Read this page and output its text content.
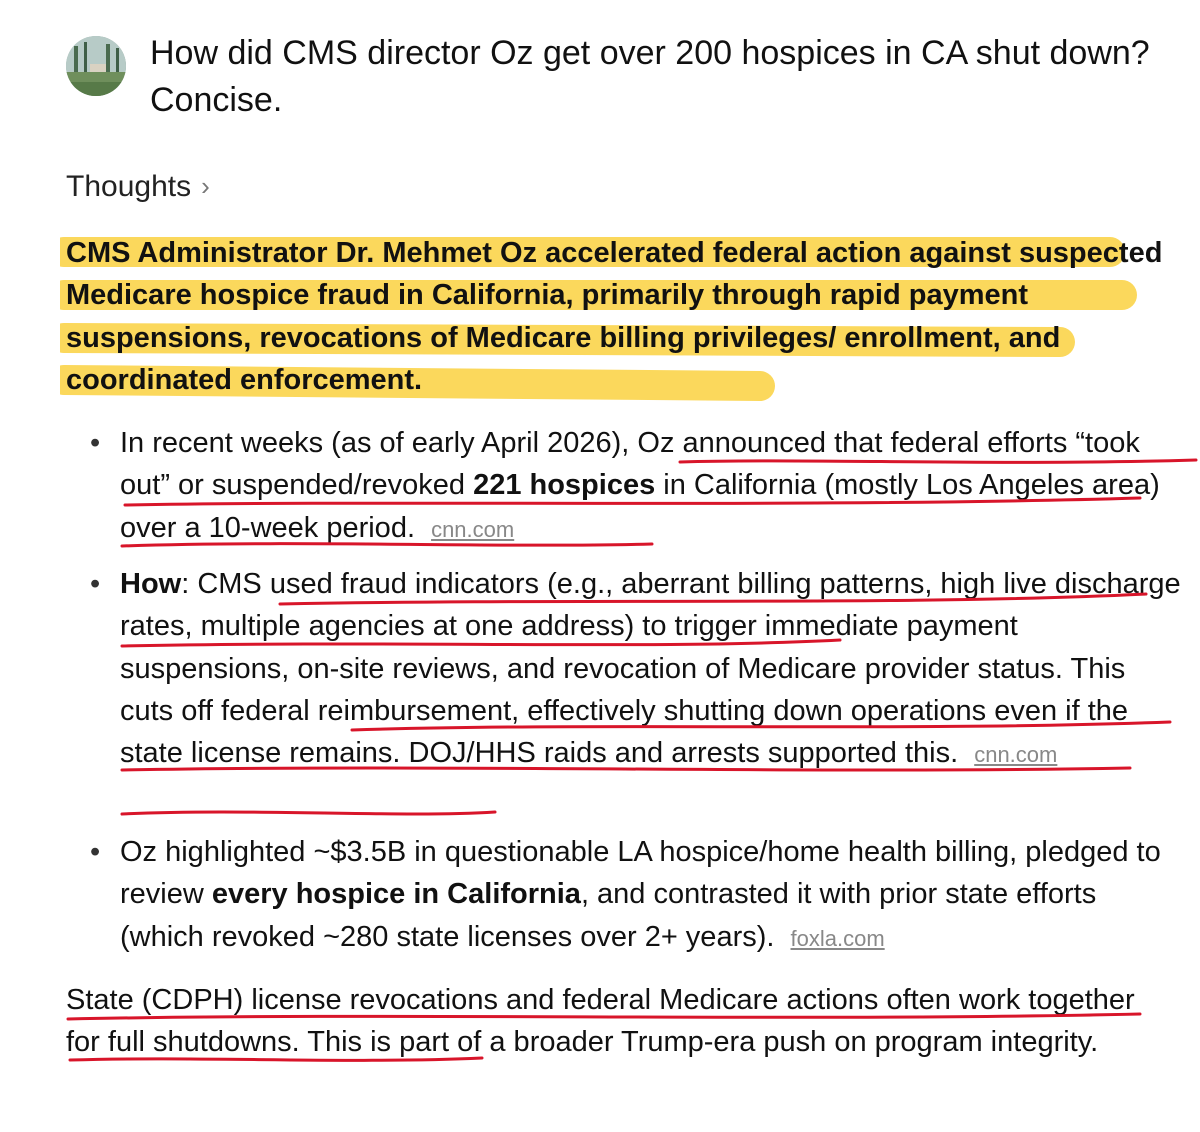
How did CMS director Oz get over 200 hospices in CA shut down? Concise.
Thoughts ›

CMS Administrator Dr. Mehmet Oz accelerated federal action against suspected Medicare hospice fraud in California, primarily through rapid payment suspensions, revocations of Medicare billing privileges/ enrollment, and coordinated enforcement.

• In recent weeks (as of early April 2026), Oz announced that federal efforts “took out” or suspended/revoked 221 hospices in California (mostly Los Angeles area) over a 10-week period. cnn.com

• How: CMS used fraud indicators (e.g., aberrant billing patterns, high live discharge rates, multiple agencies at one address) to trigger immediate payment suspensions, on-site reviews, and revocation of Medicare provider status. This cuts off federal reimbursement, effectively shutting down operations even if the state license remains. DOJ/HHS raids and arrests supported this. cnn.com

• Oz highlighted ~$3.5B in questionable LA hospice/home health billing, pledged to review every hospice in California, and contrasted it with prior state efforts (which revoked ~280 state licenses over 2+ years). foxla.com

State (CDPH) license revocations and federal Medicare actions often work together for full shutdowns. This is part of a broader Trump-era push on program integrity.
